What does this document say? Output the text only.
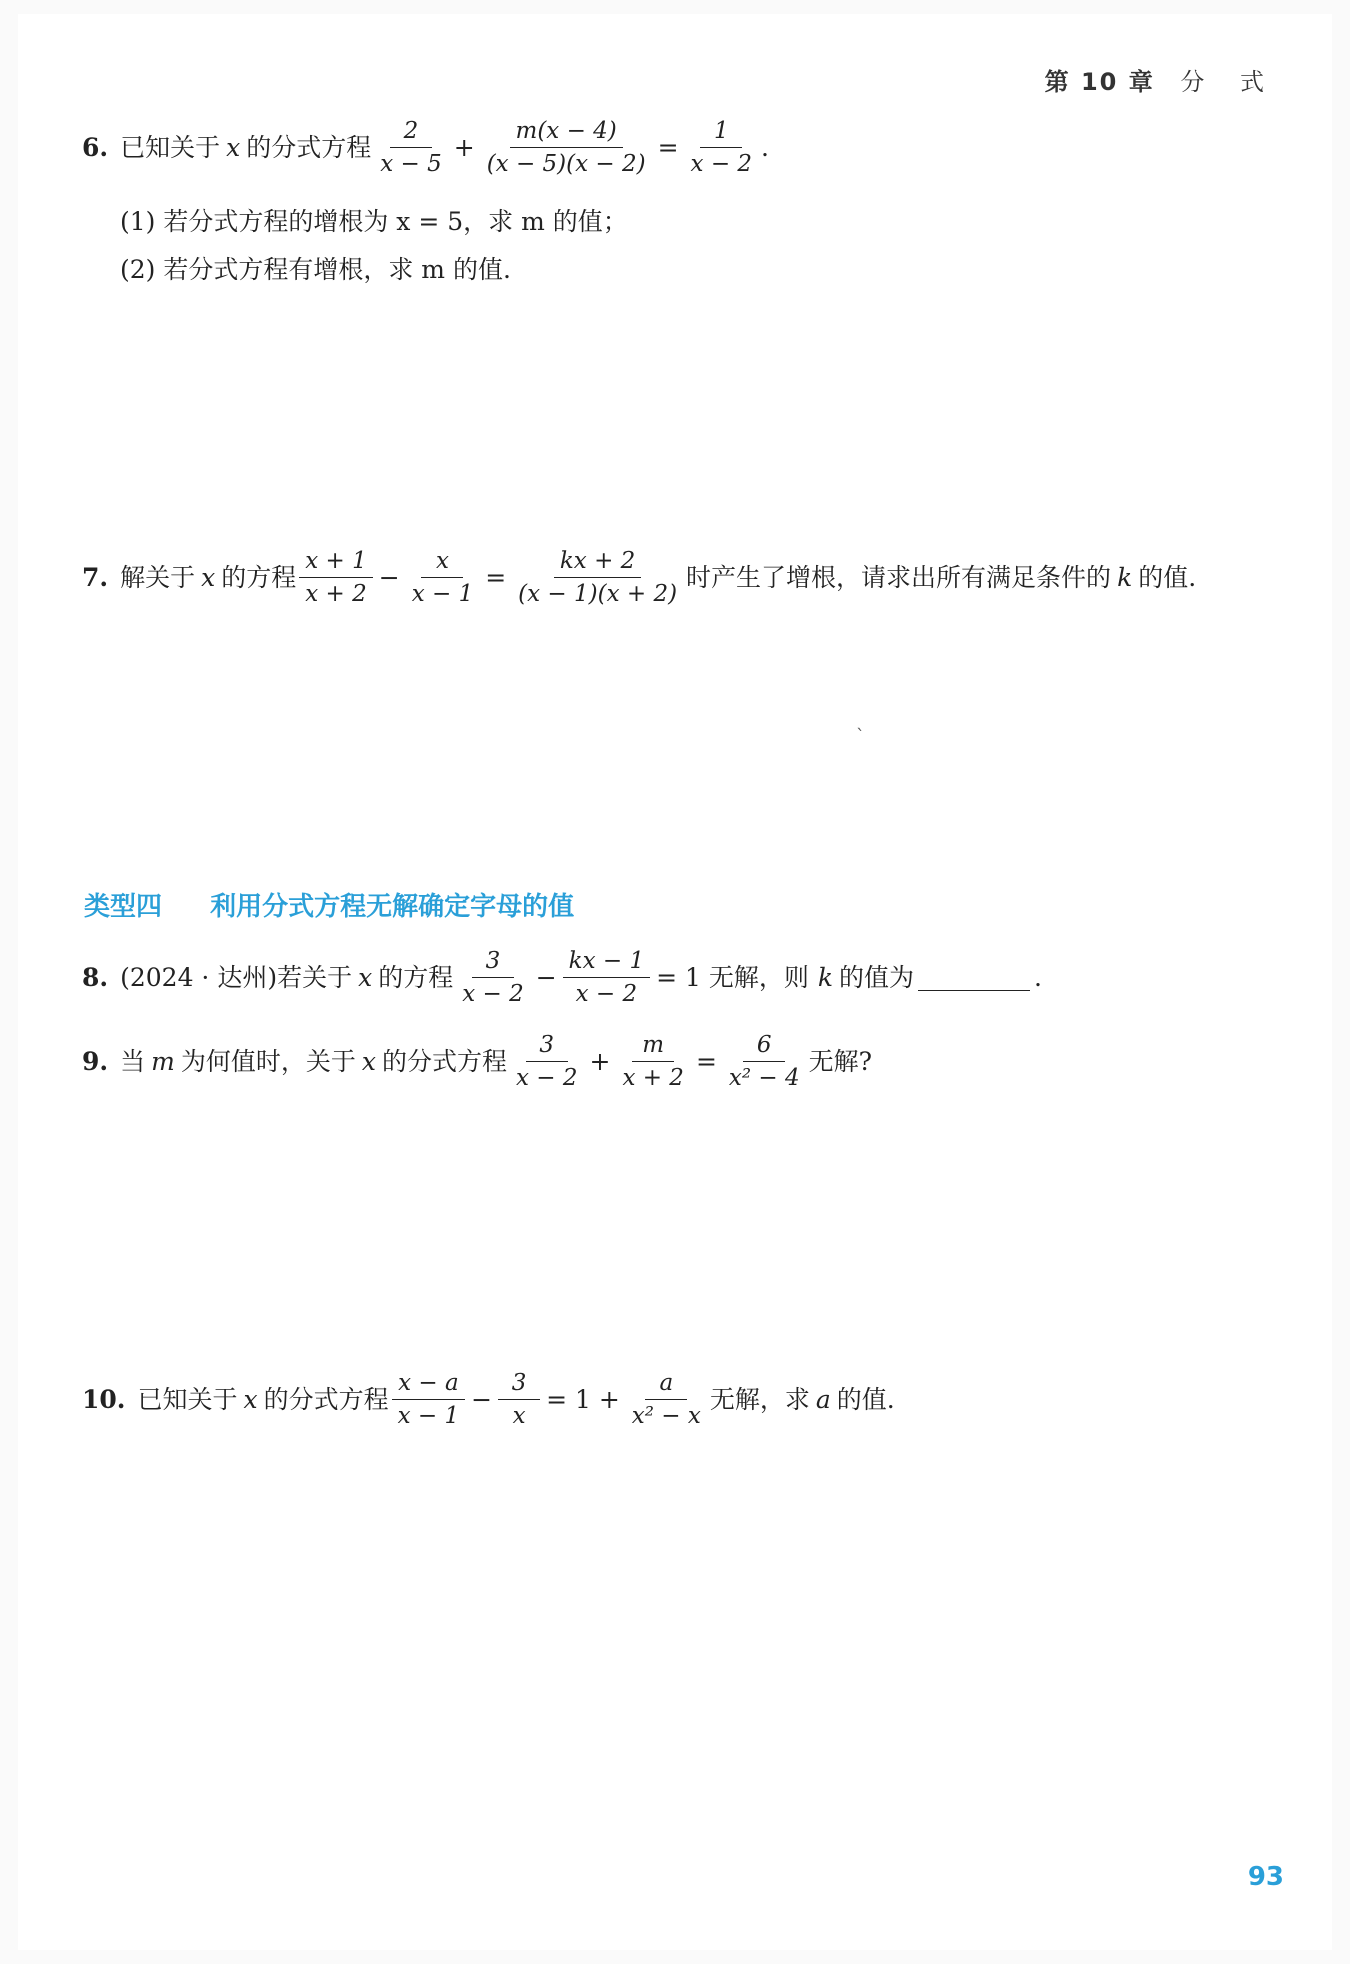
第 10 章 分 式
6. 已知关于 x 的分式方程 $\frac{2}{x - 5} + \frac{m(x - 4)}{(x - 5)(x - 2)} = \frac{1}{x - 2}$ .
(1) 若分式方程的增根为 x = 5，求 m 的值；
(2) 若分式方程有增根，求 m 的值.
7. 解关于 x 的方程 $\frac{x + 1}{x + 2} - \frac{x}{x - 1} = \frac{kx + 2}{(x - 1)(x + 2)}$ 时产生了增根，请求出所有满足条件的 k 的值.
`
类型四 利用分式方程无解确定字母的值
8. (2024 · 达州)若关于 x 的方程 $\frac{3}{x - 2} - \frac{kx - 1}{x - 2} = 1$ 无解，则 k 的值为	.
9. 当 m 为何值时，关于 x 的分式方程 $\frac{3}{x - 2} + \frac{m}{x + 2} = \frac{6}{\text{x² − 4}}$ 无解?
10. 已知关于 x 的分式方程 $\frac{x - a}{x - 1} - \frac{3}{x} = 1 + \frac{a}{\text{x² − x}}$ 无解，求 a 的值.
93
